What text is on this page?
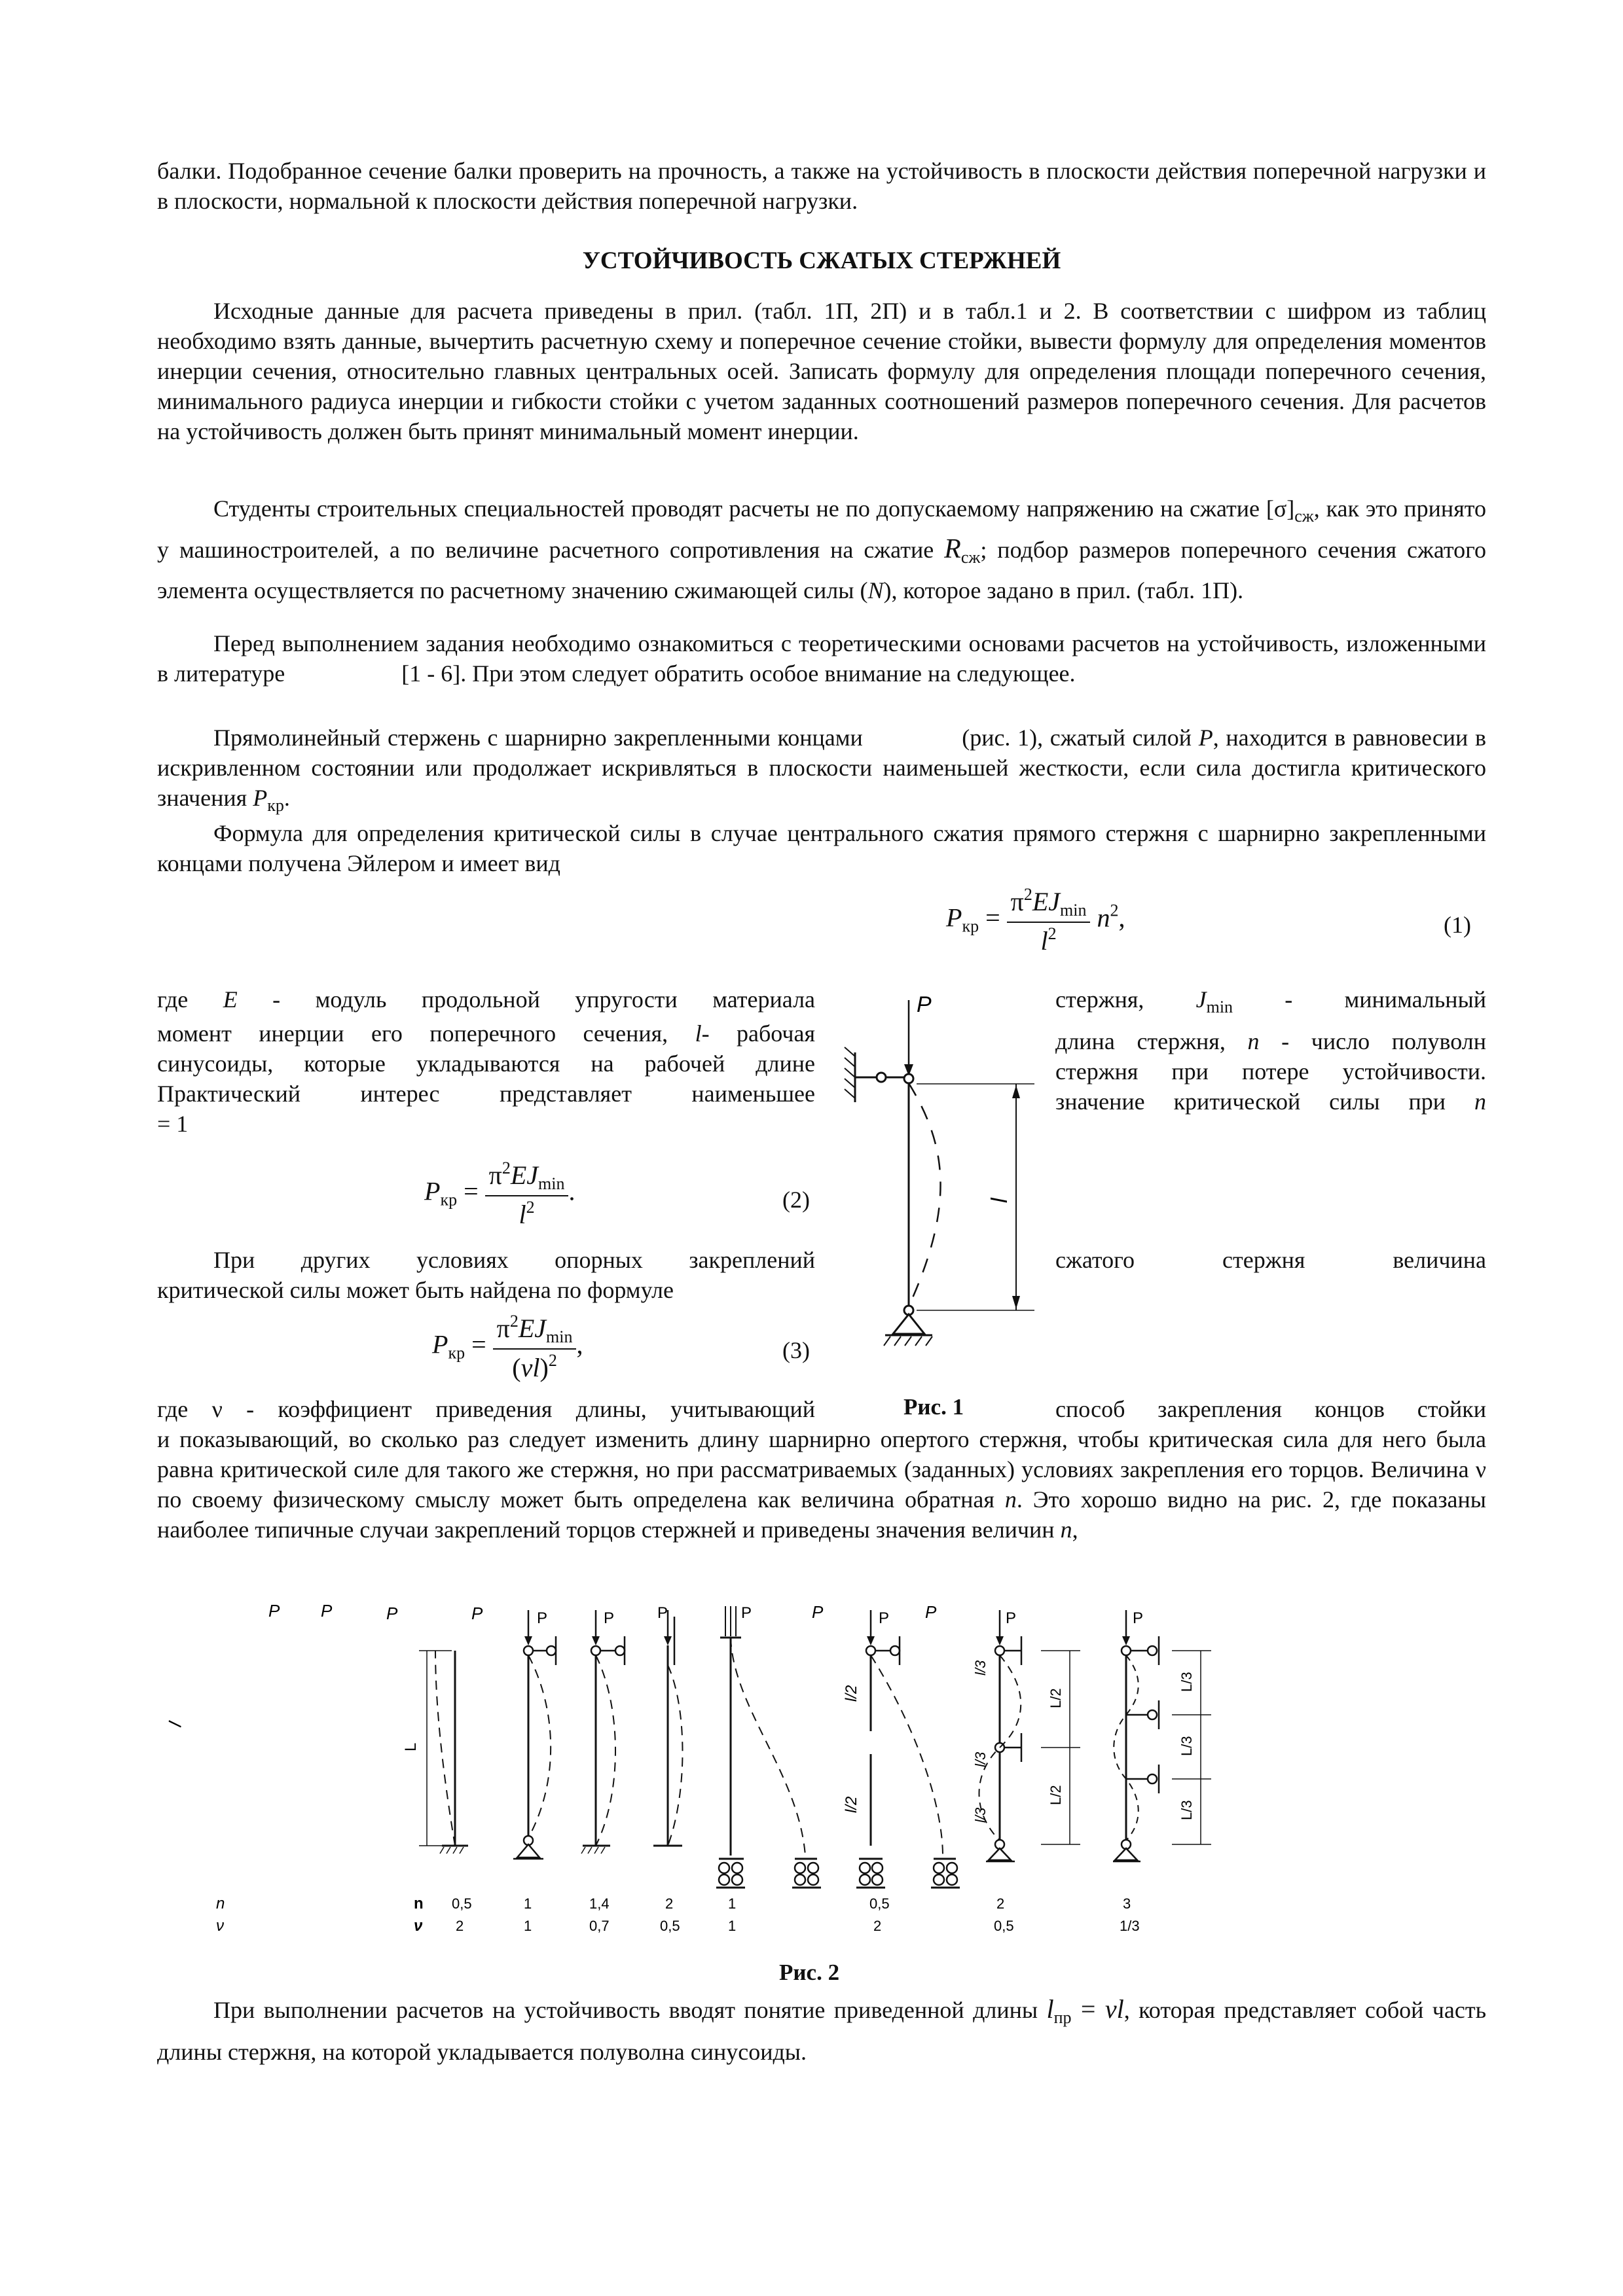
балки. Подобранное сечение балки проверить на прочность, а также на устойчивость в плоскости действия поперечной нагрузки и в плоскости, нормальной к плоскости действия поперечной нагрузки.

УСТОЙЧИВОСТЬ СЖАТЫХ СТЕРЖНЕЙ

Исходные данные для расчета приведены в прил. (табл. 1П, 2П) и в табл.1 и 2. В соответствии с шифром из таблиц необходимо взять данные, вычертить расчетную схему и поперечное сечение стойки, вывести формулу для определения моментов инерции сечения, относительно главных центральных осей. Записать формулу для определения площади поперечного сечения, минимального радиуса инерции и гибкости стойки с учетом заданных соотношений размеров поперечного сечения. Для расчетов на устойчивость должен быть принят минимальный момент инерции.

Студенты строительных специальностей проводят расчеты не по допускаемому напряжению на сжатие $[\sigma]_{сж}$, как это принято у машиностроителей, а по величине расчетного сопротивления на сжатие $R_{сж}$; подбор размеров поперечного сечения сжатого элемента осуществляется по расчетному значению сжимающей силы (N), которое задано в прил. (табл. 1П).

Перед выполнением задания необходимо ознакомиться с теоретическими основами расчетов на устойчивость, изложенными в литературе	[1 - 6]. При этом следует обратить особое внимание на следующее.

Прямолинейный стержень с шарнирно закрепленными концами	(рис. 1), сжатый силой P, находится в равновесии в искривленном состоянии или продолжает искривляться в плоскости наименьшей жесткости, если сила достигла критического значения $P_{кр}$.

Формула для определения критической силы в случае центрального сжатия прямого стержня с шарнирно закрепленными концами получена Эйлером и имеет вид

$P_{кр} = \frac{\pi^2EJ_{min}}{l^2} n^2$,	(1)

где E - модуль продольной упругости материала

момент инерции его поперечного сечения, l- рабочая

синусоиды, которые укладываются на рабочей длине

Практический интерес представляет наименьшее

= 1

стержня, $J_{min}$ - минимальный

длина стержня, n - число полуволн

стержня при потере устойчивости.

значение критической силы при n

$P_{кр} = \frac{\pi^2EJ_{min}}{l^2}$ .	(2)

При других условиях опорных закреплений

критической силы может быть найдена по формуле

сжатого стержня величина

$P_{кр} = \frac{\pi^2EJ_{min}}{(\nu l)^2}$ ,	(3)

где ν - коэффициент приведения длины, учитывающий	Рис. 1	способ закрепления концов стойки

и показывающий, во сколько раз следует изменить длину шарнирно опертого стержня, чтобы критическая сила для него была равна критической силе для такого же стержня, но при рассматриваемых (заданных) условиях закрепления его торцов. Величина ν по своему физическому смыслу может быть определена как величина обратная n. Это хорошо видно на рис. 2, где показаны наиболее типичные случаи закреплений торцов стержней и приведены значения величин n,

P
l
P P	P	P	P	P
l
L
P	P	P	P	P
l/2
l/2
P
l/3
l/3
l/3
L/2
L/2
P
L/3
L/3
L/3
n
ν
n
ν
0,5	1	1,4	2	1	0,5	2	3
2	1	0,7	0,5	1	2	0,5	1/3
Рис. 2

При выполнении расчетов на устойчивость вводят понятие приведенной длины $l_{пр} = \nu l$, которая представляет собой часть длины стержня, на которой укладывается полуволна синусоиды.
